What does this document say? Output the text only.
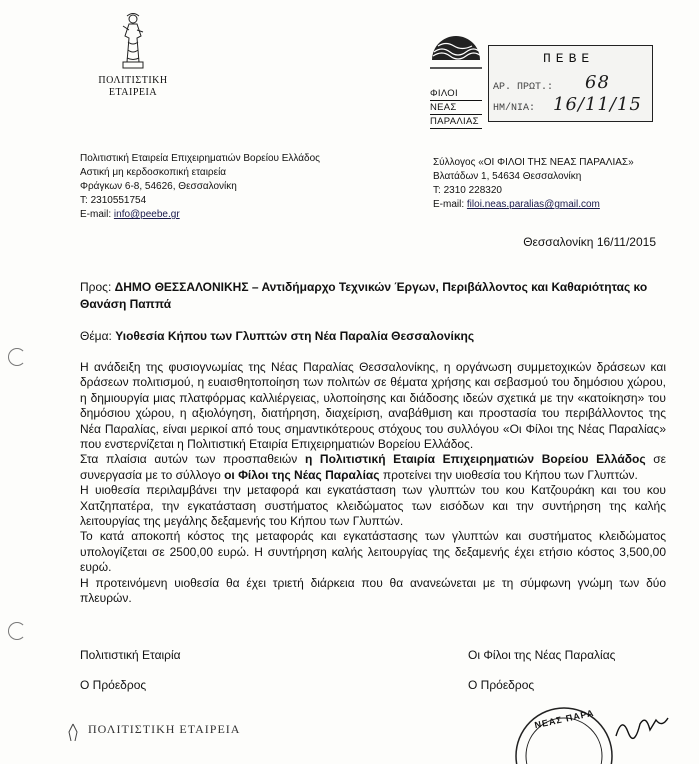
ΠΟΛΙΤΙΣΤΙΚΗ
ΕΤΑΙΡΕΙΑ	ΦΙΛΟΙ
ΝΕΑΣ
ΠΑΡΑΛΙΑΣ
ΠΕΒΕ
ΑΡ. ΠΡΩΤ.: 68
ΗΜ/ΝΙΑ: 16/11/15
Πολιτιστική Εταιρεία Επιχειρηματιών Βορείου Ελλάδος
Αστική μη κερδοσκοπική εταιρεία
Φράγκων 6-8, 54626, Θεσσαλονίκη
Τ: 2310551754
E-mail: info@peebe.gr
Σύλλογος «ΟΙ ΦΙΛΟΙ ΤΗΣ ΝΕΑΣ ΠΑΡΑΛΙΑΣ»
Βλατάδων 1, 54634 Θεσσαλονίκη
Τ: 2310 228320
E-mail: filoi.neas.paralias@gmail.com
Θεσσαλονίκη 16/11/2015
Προς: ΔΗΜΟ ΘΕΣΣΑΛΟΝΙΚΗΣ – Αντιδήμαρχο Τεχνικών Έργων, Περιβάλλοντος και Καθαριότητας κο
Θανάση Παππά
Θέμα: Υιοθεσία Κήπου των Γλυπτών στη Νέα Παραλία Θεσσαλονίκης
Η ανάδειξη της φυσιογνωμίας της Νέας Παραλίας Θεσσαλονίκης, η οργάνωση συμμετοχικών δράσεων και δράσεων πολιτισμού, η ευαισθητοποίηση των πολιτών σε θέματα χρήσης και σεβασμού του δημόσιου χώρου, η δημιουργία μιας πλατφόρμας καλλιέργειας, υλοποίησης και διάδοσης ιδεών σχετικά με την «κατοίκηση» του δημόσιου χώρου, η αξιολόγηση, διατήρηση, διαχείριση, αναβάθμιση και προστασία του περιβάλλοντος της Νέα Παραλίας, είναι μερικοί από τους σημαντικότερους στόχους του συλλόγου «Οι Φίλοι της Νέας Παραλίας» που ενστερνίζεται η Πολιτιστική Εταιρία Επιχειρηματιών Βορείου Ελλάδος.
Στα πλαίσια αυτών των προσπαθειών η Πολιτιστική Εταιρία Επιχειρηματιών Βορείου Ελλάδος σε συνεργασία με το σύλλογο οι Φίλοι της Νέας Παραλίας προτείνει την υιοθεσία του Κήπου των Γλυπτών.
Η υιοθεσία περιλαμβάνει την μεταφορά και εγκατάσταση των γλυπτών του κου Κατζουράκη και του κου Χατζηπατέρα, την εγκατάσταση συστήματος κλειδώματος των εισόδων και την συντήρηση της καλής λειτουργίας της μεγάλης δεξαμενής του Κήπου των Γλυπτών.
Το κατά αποκοπή κόστος της μεταφοράς και εγκατάστασης των γλυπτών και συστήματος κλειδώματος υπολογίζεται σε 2500,00 ευρώ. Η συντήρηση καλής λειτουργίας της δεξαμενής έχει ετήσιο κόστος 3,500,00 ευρώ.
Η προτεινόμενη υιοθεσία θα έχει τριετή διάρκεια που θα ανανεώνεται με τη σύμφωνη γνώμη των δύο πλευρών.
Πολιτιστική Εταιρία
Ο Πρόεδρος
Οι Φίλοι της Νέας Παραλίας
Ο Πρόεδρος
ΠΟΛΙΤΙΣΤΙΚΗ ΕΤΑΙΡΕΙΑ	ΝΕΑΣ ΠΑΡΑ
